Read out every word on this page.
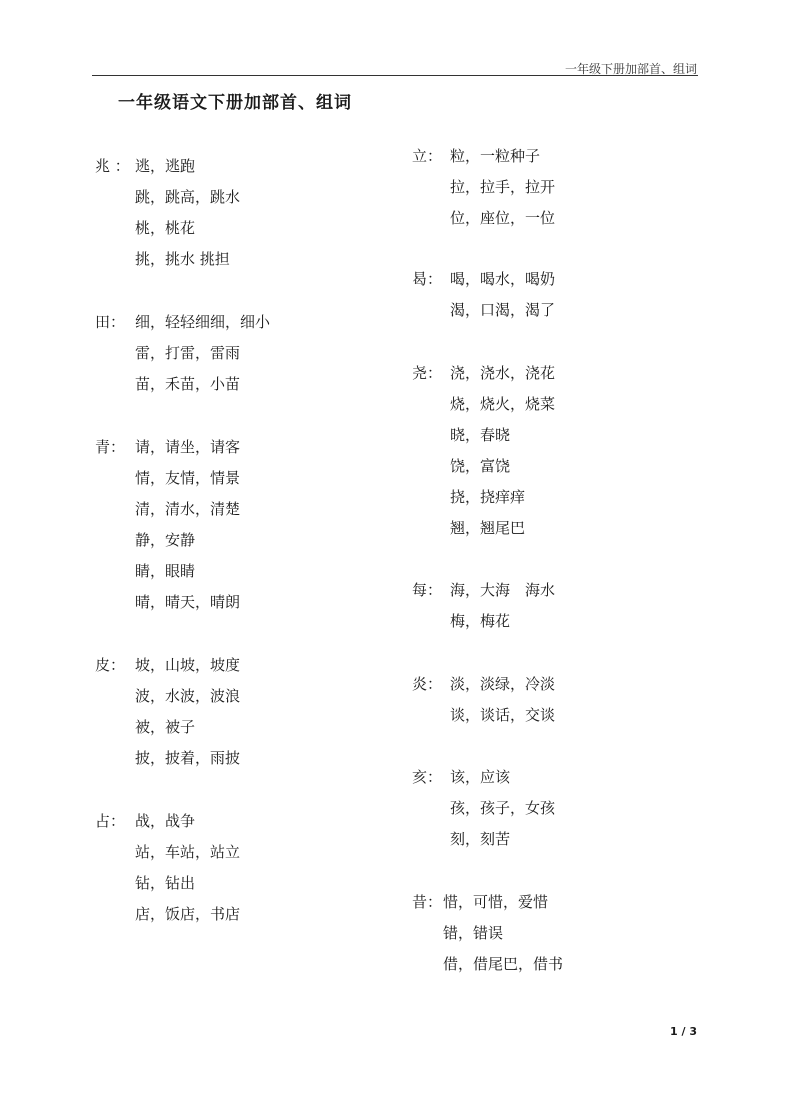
一年级下册加部首、组词
一年级语文下册加部首、组词
兆 ： 逃，逃跑
跳，跳高，跳水
桃，桃花
挑，挑水 挑担
田： 细，轻轻细细，细小
雷，打雷，雷雨
苗，禾苗，小苗
青： 请，请坐，请客
情，友情，情景
清，清水，清楚
静，安静
睛，眼睛
晴，晴天，晴朗
皮： 坡，山坡，坡度
波，水波，波浪
被，被子
披，披着，雨披
占： 战，战争
站，车站，站立
钻，钻出
店，饭店，书店
立： 粒，一粒种子
拉，拉手，拉开
位，座位，一位
曷： 喝，喝水，喝奶
渴，口渴，渴了
尧： 浇，浇水，浇花
烧，烧火，烧菜
晓，春晓
饶，富饶
挠，挠痒痒
翘，翘尾巴
每： 海，大海　海水
梅，梅花
炎： 淡，淡绿，冷淡
谈，谈话，交谈
亥： 该，应该
孩，孩子，女孩
刻，刻苦
昔： 惜，可惜，爱惜
错，错误
借，借尾巴，借书
1 / 3
